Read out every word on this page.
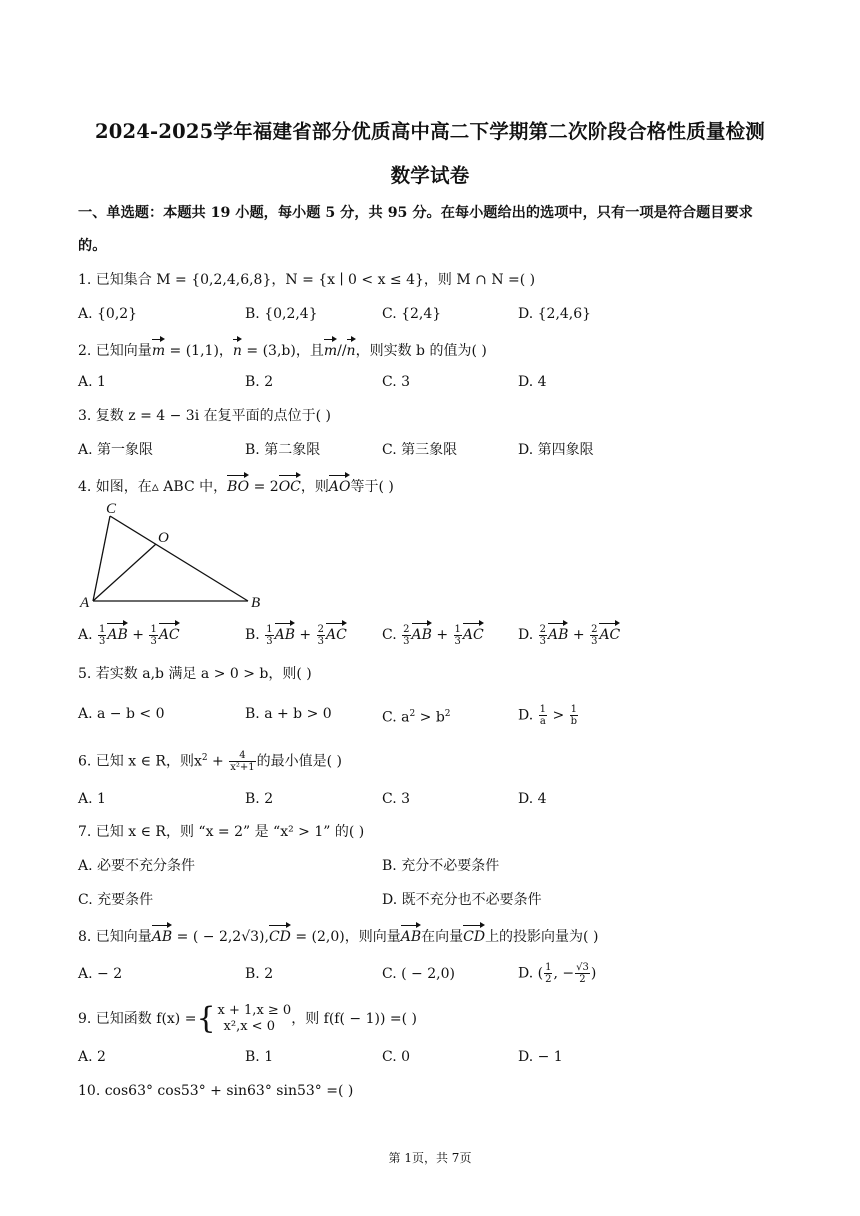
2024-2025学年福建省部分优质高中高二下学期第二次阶段合格性质量检测
数学试卷
一、单选题：本题共 19 小题，每小题 5 分，共 95 分。在每小题给出的选项中，只有一项是符合题目要求
的。
1. 已知集合 M = {0,2,4,6,8}，N = {x ∣ 0 < x ≤ 4}，则 M ∩ N =( )
A. {0,2}	B. {0,2,4}	C. {2,4}	D. {2,4,6}
2. 已知向量m = (1,1)，n = (3,b)，且m//n，则实数 b 的值为( )
A. 1	B. 2	C. 3	D. 4
3. 复数 z = 4 − 3i 在复平面的点位于( )
A. 第一象限	B. 第二象限	C. 第三象限	D. 第四象限
4. 如图，在▵ ABC 中，BO = 2OC，则AO等于( )
C
O
A	B
A. $\frac{1}{3}$ AB + $\frac{1}{3}$ AC	B. $\frac{1}{3}$ AB + $\frac{2}{3}$ AC	C. $\frac{2}{3}$ AB + $\frac{1}{3}$ AC D. $\frac{2}{3}$ AB + $\frac{2}{3}$ AC
5. 若实数 a,b 满足 a > 0 > b，则( )
A. a − b < 0	B. a + b > 0	C. $a^2 > b^2$	D. $\frac{1}{a} > \frac{1}{b}$
6. 已知 x ∈ R，则$x^2 + \frac{4}{\text{x²+1}}$ 的最小值是( )
A. 1	B. 2	C. 3	D. 4
7. 已知 x ∈ R，则 “x = 2” 是 “x² > 1” 的( )
A. 必要不充分条件	B. 充分不必要条件
C. 充要条件	D. 既不充分也不必要条件
8. 已知向量AB = ( − 2,2√3),CD = (2,0)，则向量AB在向量CD上的投影向量为( )
A. − 2	B. 2	C. ( − 2,0)	D. ( $\frac{1}{2}$ , − $\frac{√3}{2}$ )
9. 已知函数 f(x) ={ x + 1,x ≥ 0
x²,x < 0	，则 f(f( − 1)) =( )
A. 2	B. 1	C. 0	D. − 1
10. cos63° cos53° + sin63° sin53° =( )
第 1页，共 7页
